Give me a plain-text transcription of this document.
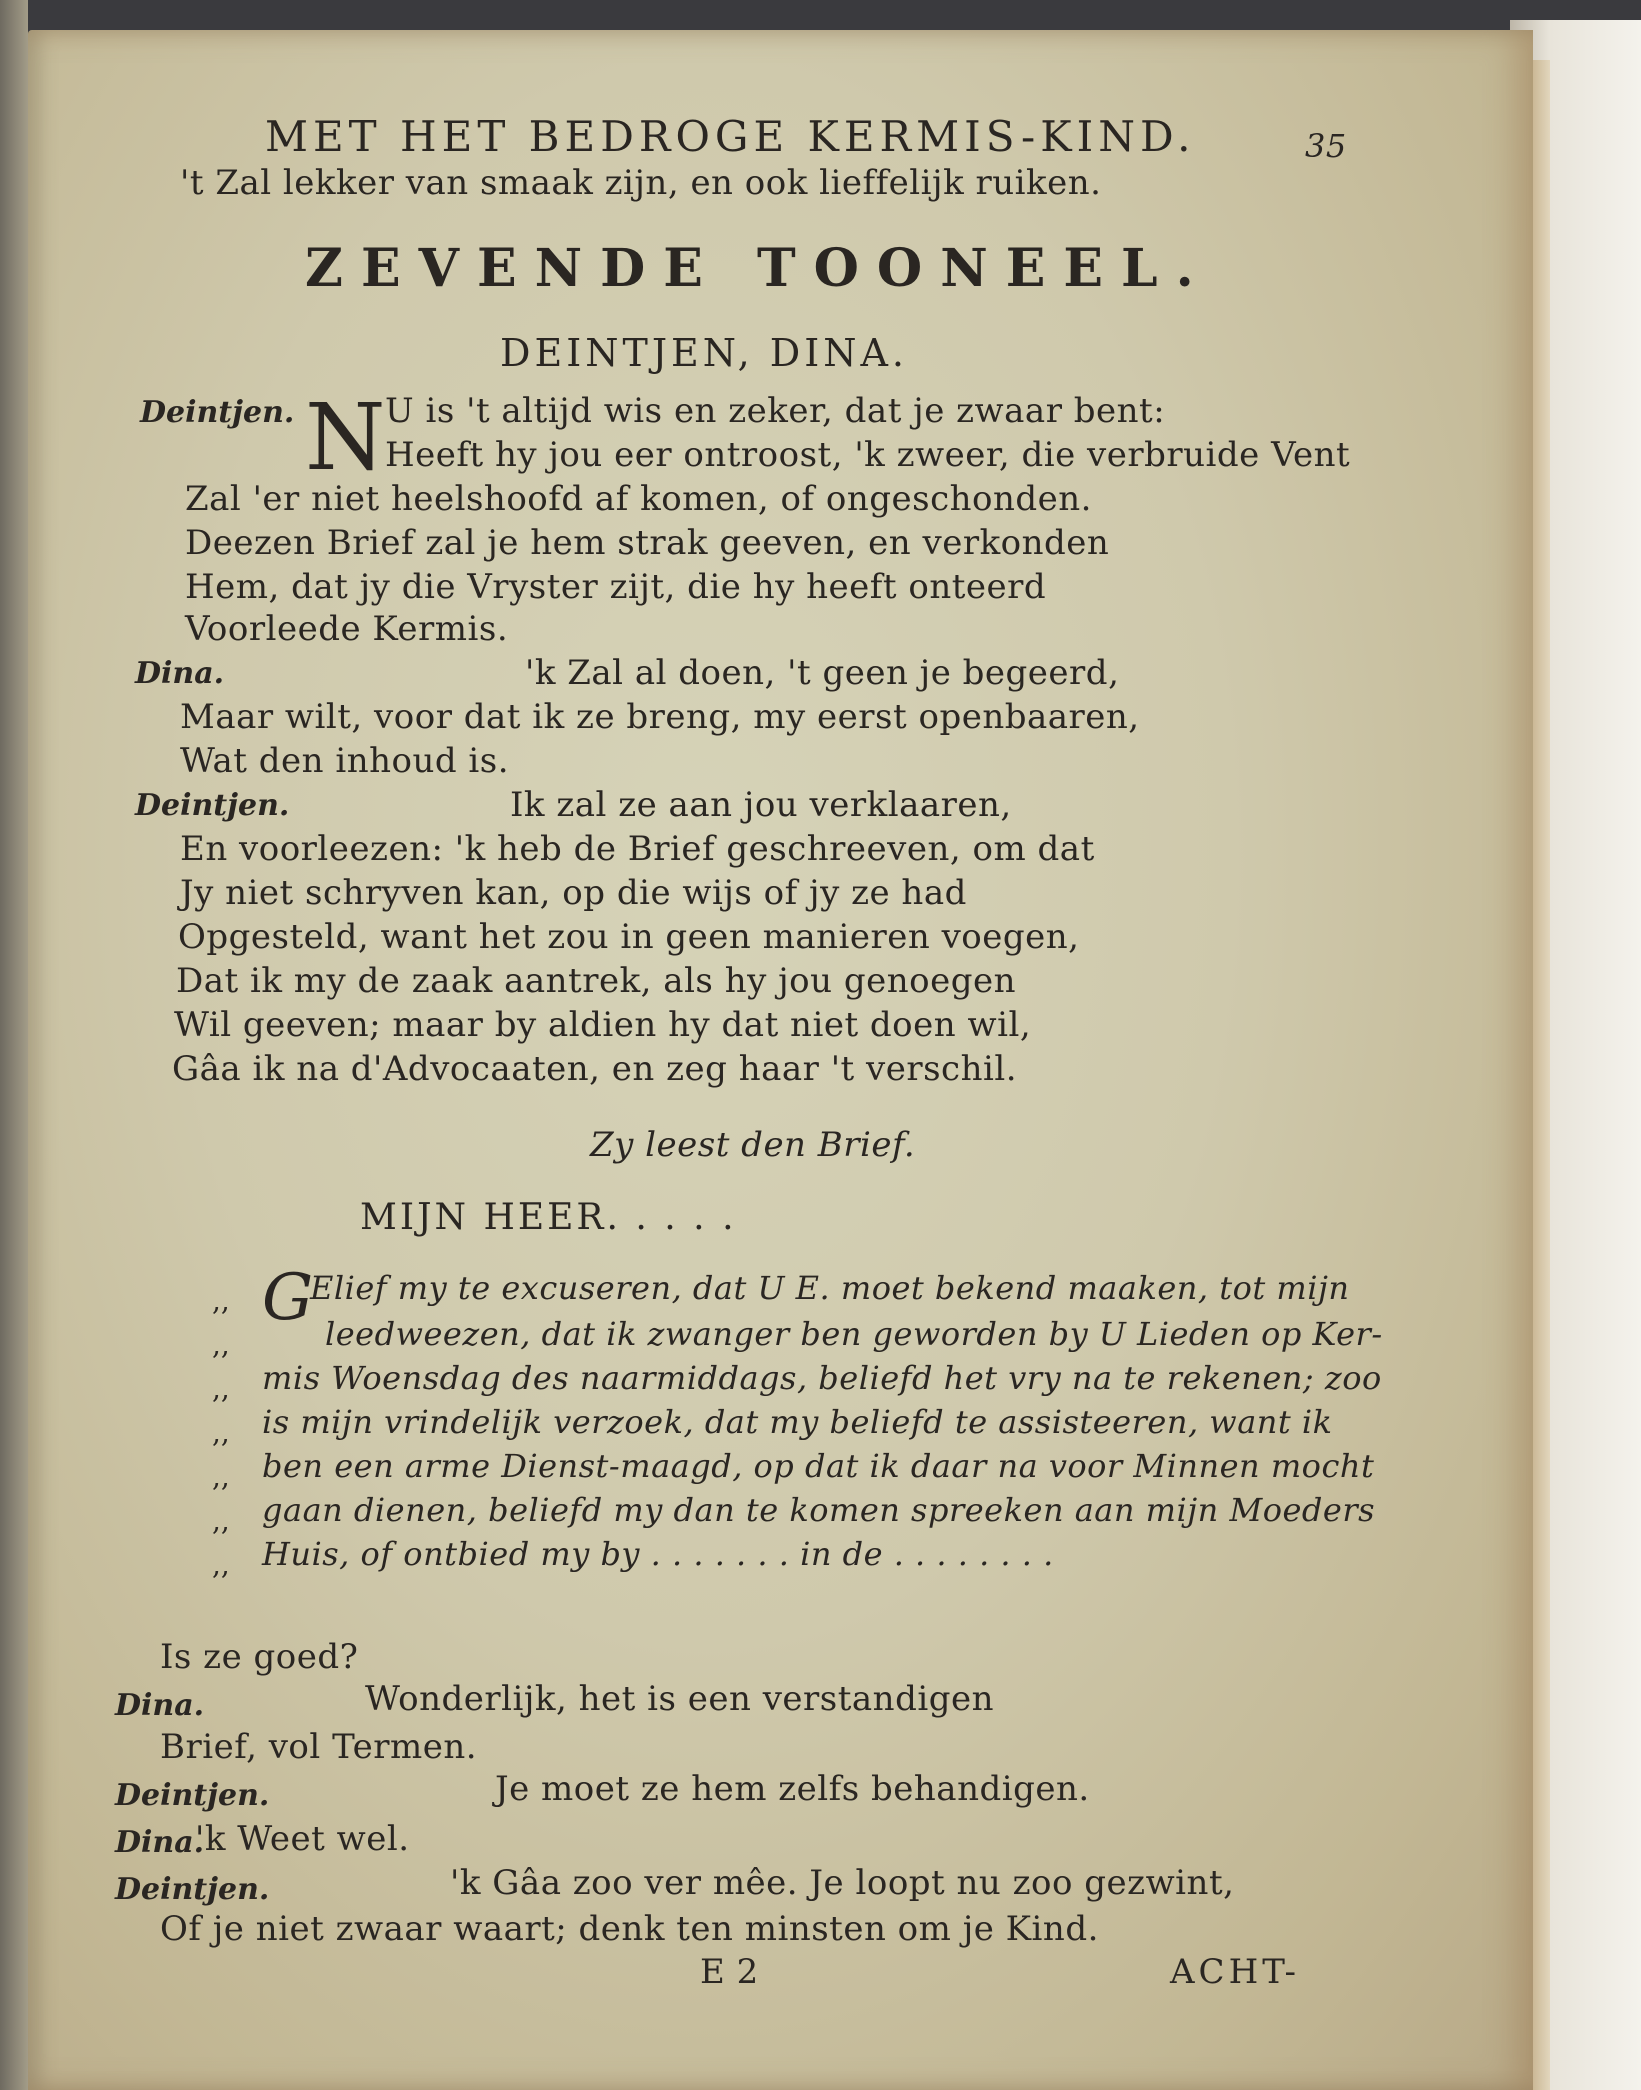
MET HET BEDROGE KERMIS-KIND.	35
't Zal lekker van smaak zijn, en ook lieffelijk ruiken.
ZEVENDE TOONEEL.
DEINTJEN, DINA.
Deintjen. N U is 't altijd wis en zeker, dat je zwaar bent:
Heeft hy jou eer ontroost, 'k zweer, die verbruide Vent
Zal 'er niet heelshoofd af komen, of ongeschonden.
Deezen Brief zal je hem strak geeven, en verkonden
Hem, dat jy die Vryster zijt, die hy heeft onteerd
Voorleede Kermis.
Dina.	'k Zal al doen, 't geen je begeerd,
Maar wilt, voor dat ik ze breng, my eerst openbaaren,
Wat den inhoud is.
Deintjen.	Ik zal ze aan jou verklaaren,
En voorleezen: 'k heb de Brief geschreeven, om dat
Jy niet schryven kan, op die wijs of jy ze had
Opgesteld, want het zou in geen manieren voegen,
Dat ik my de zaak aantrek, als hy jou genoegen
Wil geeven; maar by aldien hy dat niet doen wil,
Gâa ik na d'Advocaaten, en zeg haar 't verschil.
Zy leest den Brief.
MIJN HEER. . . . .
,,
,,
,,
,,
,,
,,
,,
G
Elief my te excuseren, dat U E. moet bekend maaken, tot mijn
leedweezen, dat ik zwanger ben geworden by U Lieden op Ker-
mis Woensdag des naarmiddags, beliefd het vry na te rekenen; zoo
is mijn vrindelijk verzoek, dat my beliefd te assisteeren, want ik
ben een arme Dienst-maagd, op dat ik daar na voor Minnen mocht
gaan dienen, beliefd my dan te komen spreeken aan mijn Moeders
Huis, of ontbied my by . . . . . . . in de . . . . . . . .
Is ze goed?
Dina.	Wonderlijk, het is een verstandigen
Brief, vol Termen.
Deintjen.	Je moet ze hem zelfs behandigen.
Dina.
'k Weet wel.
Deintjen.	'k Gâa zoo ver mêe. Je loopt nu zoo gezwint,
Of je niet zwaar waart; denk ten minsten om je Kind.
E 2	ACHT-
